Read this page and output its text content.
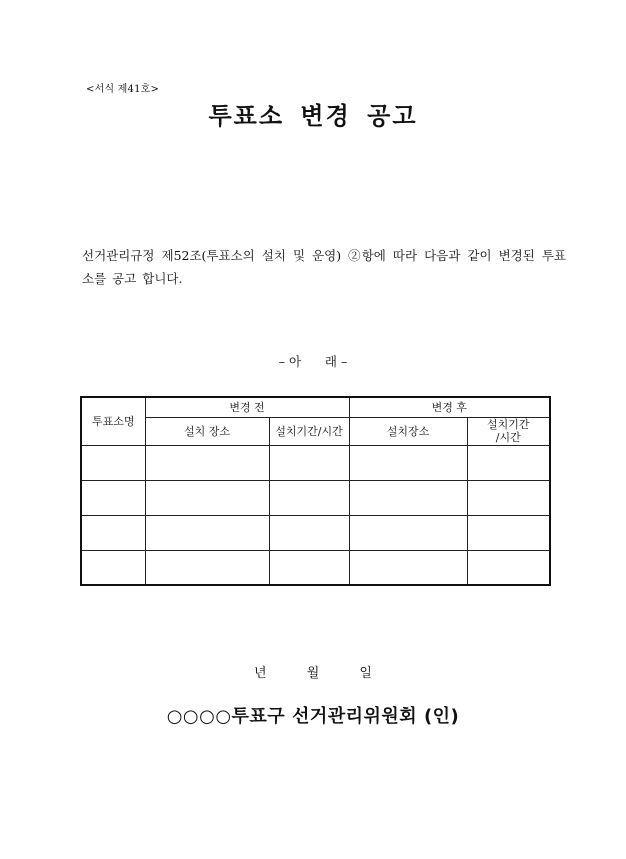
<서식 제41호>
투표소 변경 공고
선거관리규정 제52조(투표소의 설치 및 운영) ②항에 따라 다음과 같이 변경된 투표소를 공고 합니다.
– 아      래 –
투표소명	변경 전		변경 후	
	설치 장소	설치기간/시간	설치장소	설치기간
/시간

년 월 일
○○○○투표구 선거관리위원회 (인)
